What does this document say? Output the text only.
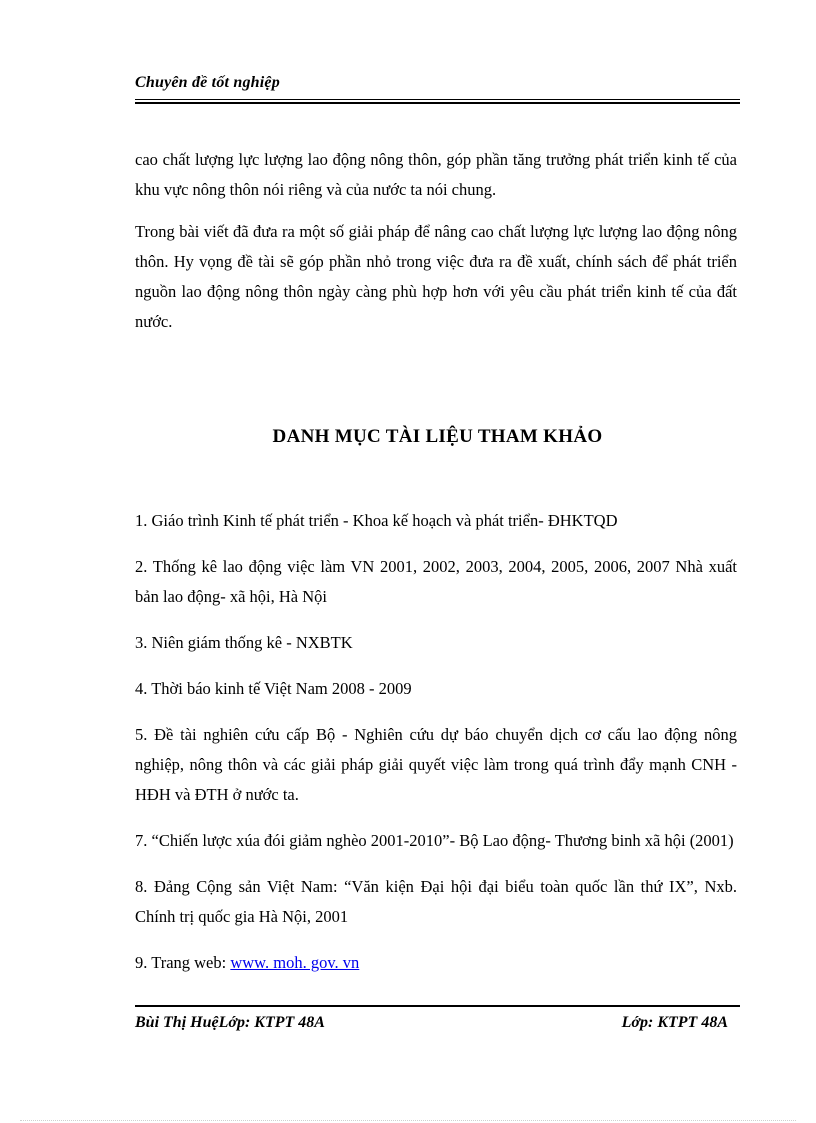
Chuyên đề tốt nghiệp

cao chất lượng lực lượng lao động nông thôn, góp phần tăng trưởng phát triển kinh tế của khu vực nông thôn nói riêng và của nước ta nói chung.

Trong bài viết đã đưa ra một số giải pháp để nâng cao chất lượng lực lượng lao động nông thôn. Hy vọng đề tài sẽ góp phần nhỏ trong việc đưa ra đề xuất, chính sách để phát triển nguồn lao động nông thôn ngày càng phù hợp hơn với yêu cầu phát triển kinh tế của đất nước.

DANH MỤC TÀI LIỆU THAM KHẢO
1. Giáo trình Kinh tế phát triển - Khoa kế hoạch và phát triển- ĐHKTQD
2. Thống kê lao động việc làm VN 2001, 2002, 2003, 2004, 2005, 2006, 2007 Nhà xuất bản lao động- xã hội, Hà Nội
3. Niên giám thống kê - NXBTK
4. Thời báo kinh tế Việt Nam 2008 - 2009
5. Đề tài nghiên cứu cấp Bộ - Nghiên cứu dự báo chuyển dịch cơ cấu lao động nông nghiệp, nông thôn và các giải pháp giải quyết việc làm trong quá trình đẩy mạnh CNH - HĐH và ĐTH ở nước ta.
7. “Chiến lược xúa đói giảm nghèo 2001-2010”- Bộ Lao động- Thương binh xã hội (2001)
8. Đảng Cộng sản Việt Nam: “Văn kiện Đại hội đại biểu toàn quốc lần thứ IX”, Nxb. Chính trị quốc gia Hà Nội, 2001
9. Trang web: www. moh. gov. vn
Bùi Thị HuệLớp: KTPT 48A	Lớp: KTPT 48A
